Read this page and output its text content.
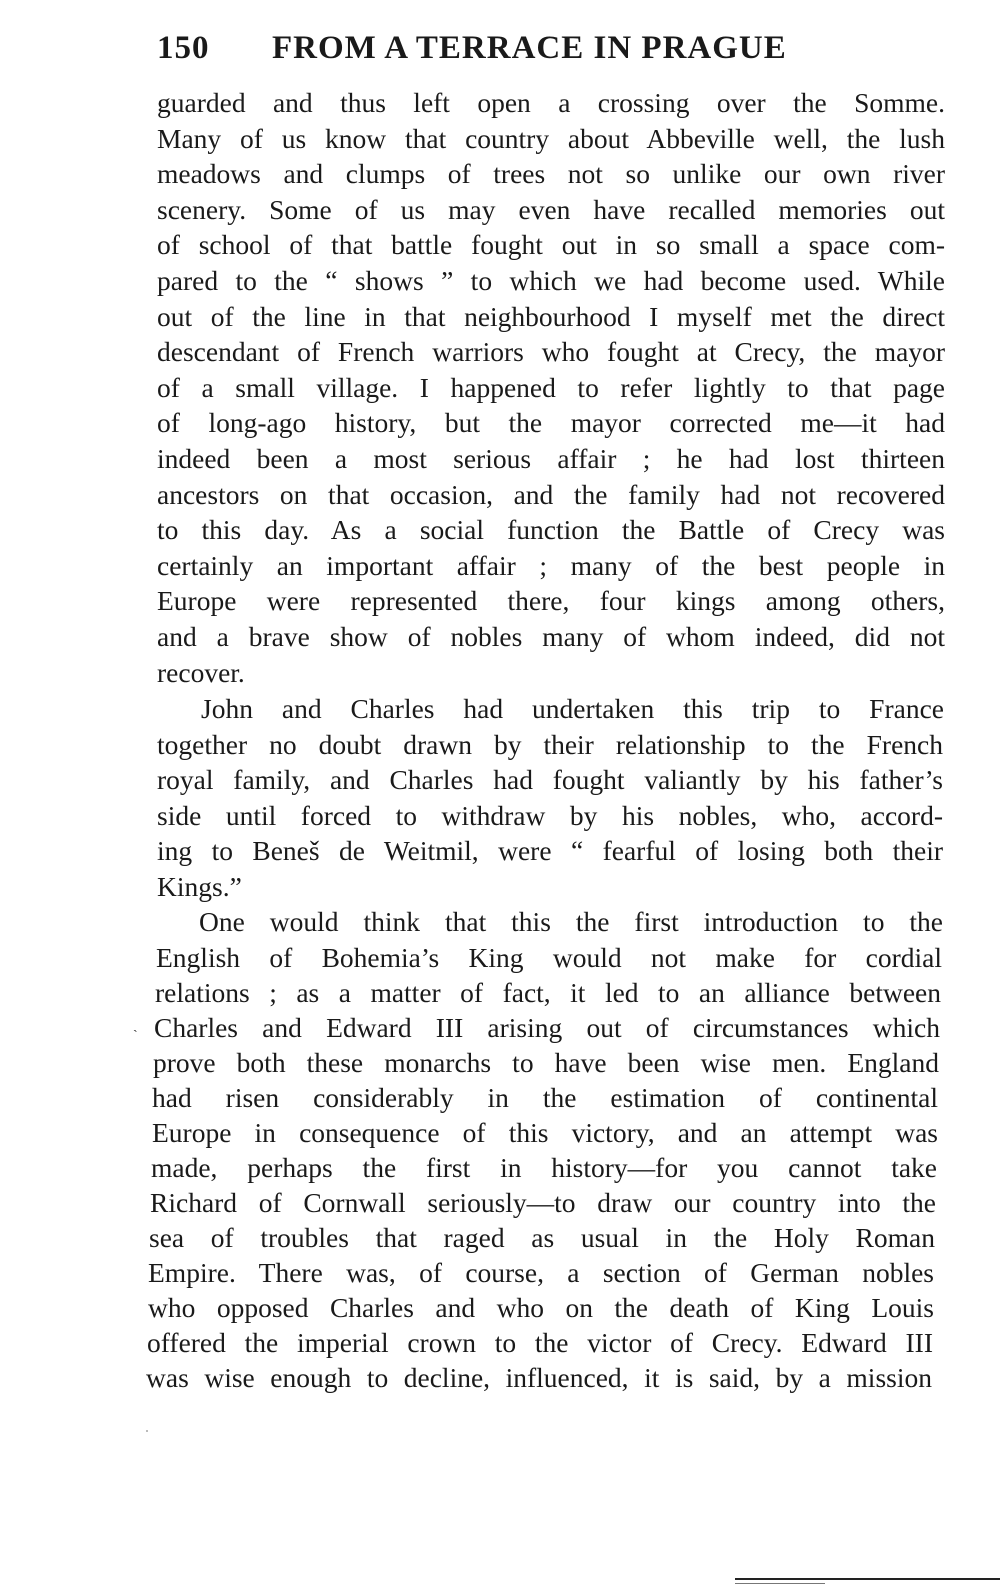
150 FROM A TERRACE IN PRAGUE
ˎ
guarded and thus left open a crossing over the Somme.
Many of us know that country about Abbeville well, the lush
meadows and clumps of trees not so unlike our own river
scenery. Some of us may even have recalled memories out
of school of that battle fought out in so small a space com-
pared to the “ shows ” to which we had become used. While
out of the line in that neighbourhood I myself met the direct
descendant of French warriors who fought at Crecy, the mayor
of a small village. I happened to refer lightly to that page
of long-ago history, but the mayor corrected me—it had
indeed been a most serious affair ; he had lost thirteen
ancestors on that occasion, and the family had not recovered
to this day. As a social function the Battle of Crecy was
certainly an important affair ; many of the best people in
Europe were represented there, four kings among others,
and a brave show of nobles many of whom indeed, did not
recover.
John and Charles had undertaken this trip to France
together no doubt drawn by their relationship to the French
royal family, and Charles had fought valiantly by his father’s
side until forced to withdraw by his nobles, who, accord-
ing to Beneš de Weitmil, were “ fearful of losing both their
Kings.”
One would think that this the first introduction to the
English of Bohemia’s King would not make for cordial
relations ; as a matter of fact, it led to an alliance between
Charles and Edward III arising out of circumstances which
prove both these monarchs to have been wise men. England
had risen considerably in the estimation of continental
Europe in consequence of this victory, and an attempt was
made, perhaps the first in history—for you cannot take
Richard of Cornwall seriously—to draw our country into the
sea of troubles that raged as usual in the Holy Roman
Empire. There was, of course, a section of German nobles
who opposed Charles and who on the death of King Louis
offered the imperial crown to the victor of Crecy. Edward III
was wise enough to decline, influenced, it is said, by a mission
